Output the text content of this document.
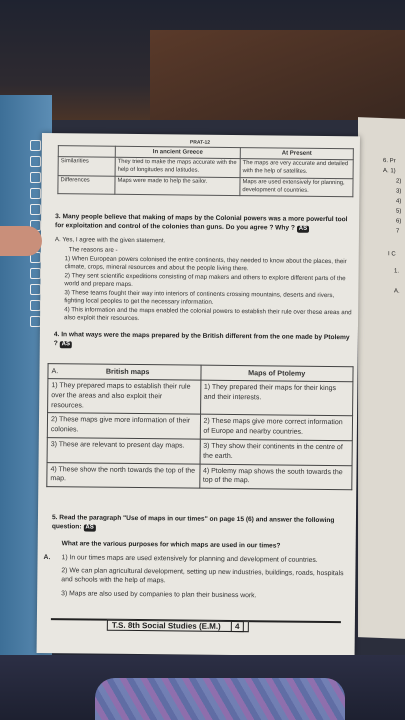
6. Pr
A. 1)
2)
3)
4)
5)
6)
7
I C
1.
A.
PRAT-12
	In ancient Greece	At Present
Similarities	They tried to make the maps accurate with the help of longitudes and latitudes.	The maps are very accurate and detailed with the help of satellites.
Differences	Maps were made to help the sailor.	Maps are used extensively for planning, development of countries.
3. Many people believe that making of maps by the Colonial powers was a more powerful tool for exploitation and control of the colonies than guns. Do you agree ? Why ? AS
A. Yes, I agree with the given statement.
The reasons are -
1) When European powers colonised the entire continents, they needed to know about the places, their climate, crops, mineral resources and about the people living there.
2) They sent scientific expeditions consisting of map makers and others to explore different parts of the world and prepare maps.
3) These teams fought their way into interiors of continents crossing mountains, deserts and rivers, fighting local peoples to get the necessary information.
4) This information and the maps enabled the colonial powers to establish their rule over these areas and also exploit their resources.
4. In what ways were the maps prepared by the British different from the one made by Ptolemy ? AS
A. British maps	Maps of Ptolemy
1) They prepared maps to establish their rule over the areas and also exploit their resources.	1) They prepared their maps for their kings and their interests.
2) These maps give more information of their colonies.	2) These maps give more correct information of Europe and nearby countries.
3) These are relevant to present day maps.	3) They show their continents in the centre of the earth.
4) These show the north towards the top of the map.	4) Ptolemy map shows the south towards the top of the map.
5. Read the paragraph "Use of maps in our times" on page 15 (6) and answer the following question: AS
What are the various purposes for which maps are used in our times?
A. 1) In our times maps are used extensively for planning and development of countries.
2) We can plan agricultural development, setting up new industries, buildings, roads, hospitals and schools with the help of maps.
3) Maps are also used by companies to plan their business work.
T.S. 8th Social Studies (E.M.) 4
